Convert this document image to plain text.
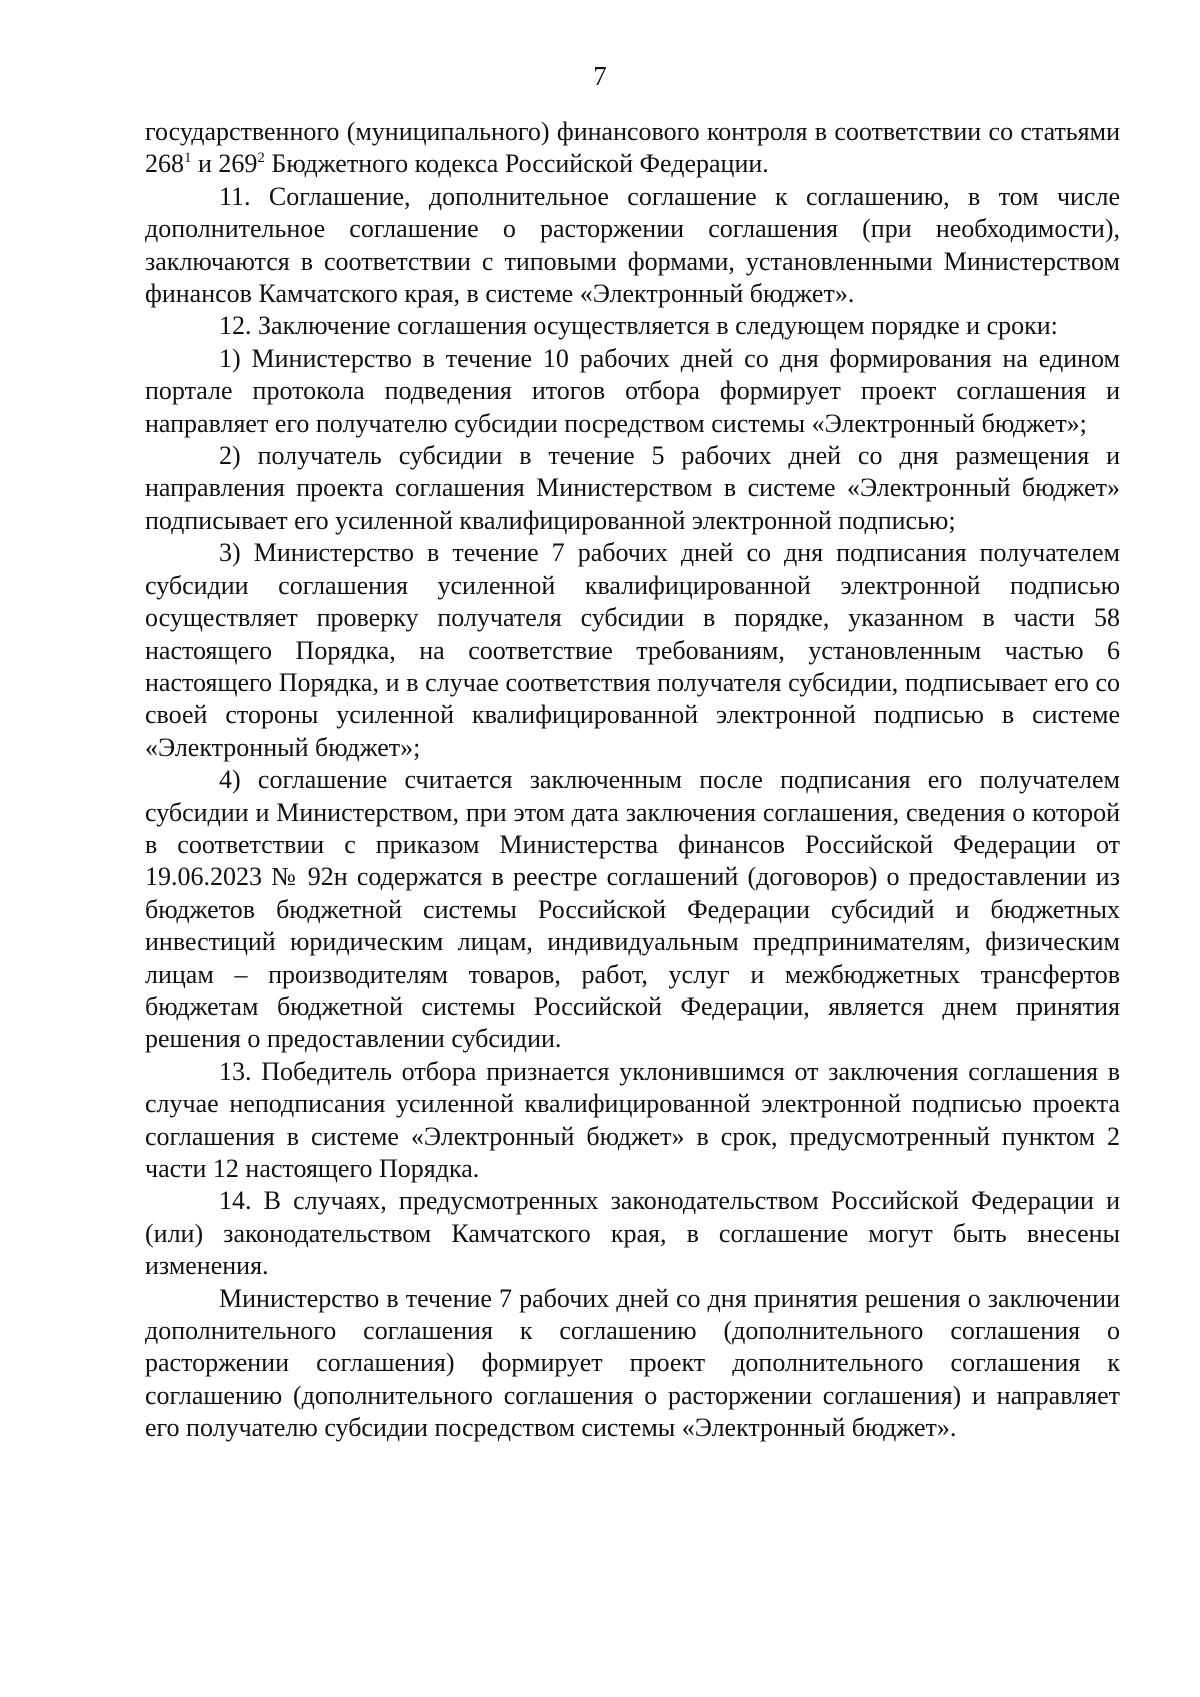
7

государственного (муниципального) финансового контроля в соответствии со статьями $268^1$ и $269^2$ Бюджетного кодекса Российской Федерации.

11. Соглашение, дополнительное соглашение к соглашению, в том числе дополнительное соглашение о расторжении соглашения (при необходимости), заключаются в соответствии с типовыми формами, установленными Министерством финансов Камчатского края, в системе «Электронный бюджет».

12. Заключение соглашения осуществляется в следующем порядке и сроки:

1) Министерство в течение 10 рабочих дней со дня формирования на едином портале протокола подведения итогов отбора формирует проект соглашения и направляет его получателю субсидии посредством системы «Электронный бюджет»;

2) получатель субсидии в течение 5 рабочих дней со дня размещения и направления проекта соглашения Министерством в системе «Электронный бюджет» подписывает его усиленной квалифицированной электронной подписью;

3) Министерство в течение 7 рабочих дней со дня подписания получателем субсидии соглашения усиленной квалифицированной электронной подписью осуществляет проверку получателя субсидии в порядке, указанном в части 58 настоящего Порядка, на соответствие требованиям, установленным частью 6 настоящего Порядка, и в случае соответствия получателя субсидии, подписывает его со своей стороны усиленной квалифицированной электронной подписью в системе «Электронный бюджет»;

4) соглашение считается заключенным после подписания его получателем субсидии и Министерством, при этом дата заключения соглашения, сведения о которой в соответствии с приказом Министерства финансов Российской Федерации от 19.06.2023 № 92н содержатся в реестре соглашений (договоров) о предоставлении из бюджетов бюджетной системы Российской Федерации субсидий и бюджетных инвестиций юридическим лицам, индивидуальным предпринимателям, физическим лицам – производителям товаров, работ, услуг и межбюджетных трансфертов бюджетам бюджетной системы Российской Федерации, является днем принятия решения о предоставлении субсидии.

13. Победитель отбора признается уклонившимся от заключения соглашения в случае неподписания усиленной квалифицированной электронной подписью проекта соглашения в системе «Электронный бюджет» в срок, предусмотренный пунктом 2 части 12 настоящего Порядка.

14. В случаях, предусмотренных законодательством Российской Федерации и (или) законодательством Камчатского края, в соглашение могут быть внесены изменения.

Министерство в течение 7 рабочих дней со дня принятия решения о заключении дополнительного соглашения к соглашению (дополнительного соглашения о расторжении соглашения) формирует проект дополнительного соглашения к соглашению (дополнительного соглашения о расторжении соглашения) и направляет его получателю субсидии посредством системы «Электронный бюджет».
